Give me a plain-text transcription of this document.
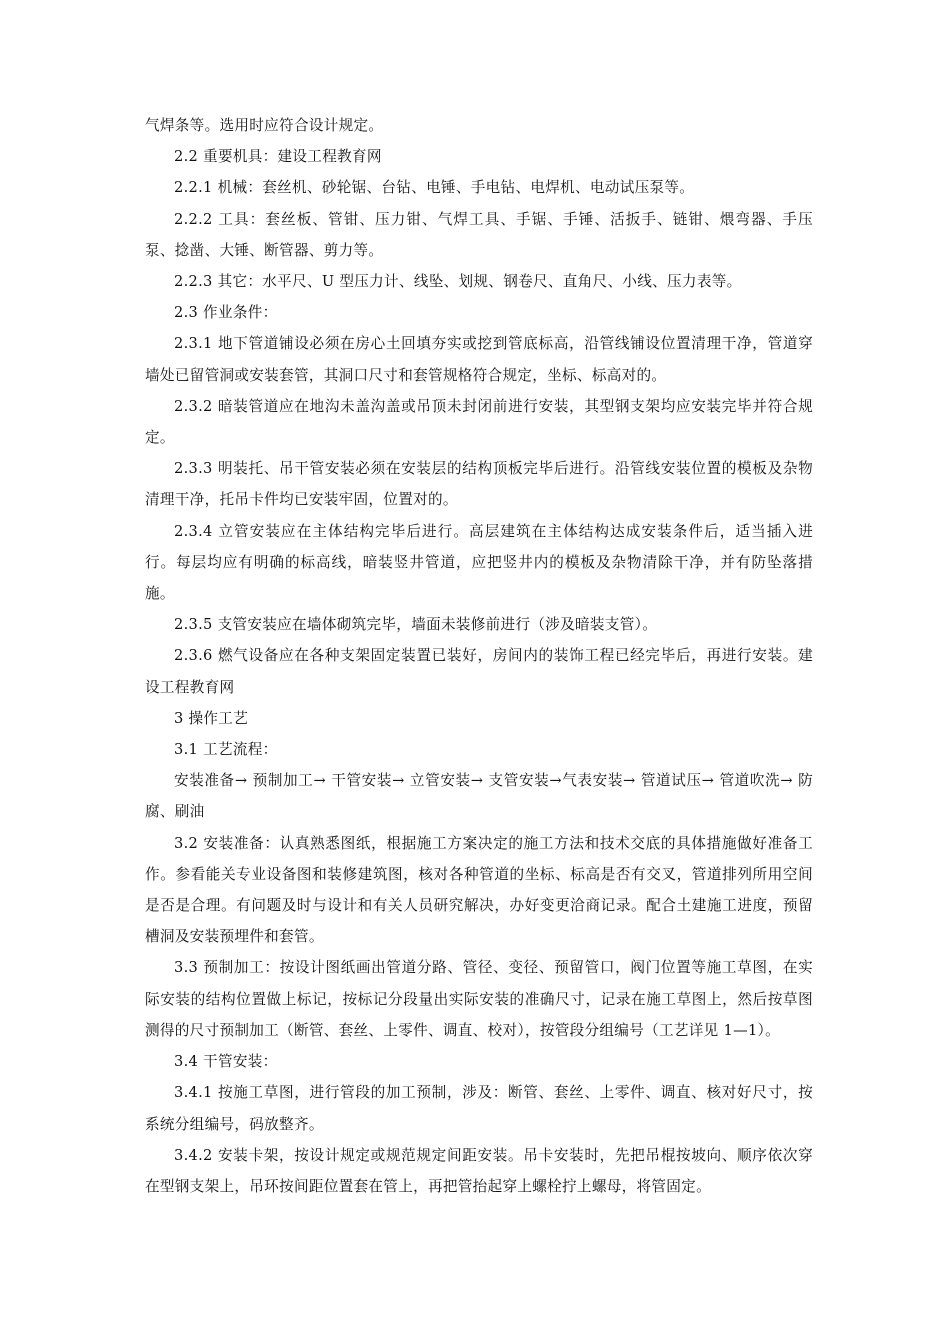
气焊条等。选用时应符合设计规定。

2.2 重要机具：建设工程教育网

2.2.1 机械：套丝机、砂轮锯、台钻、电锤、手电钻、电焊机、电动试压泵等。

2.2.2 工具：套丝板、管钳、压力钳、气焊工具、手锯、手锤、活扳手、链钳、煨弯器、手压泵、捻凿、大锤、断管器、剪力等。

2.2.3 其它：水平尺、U 型压力计、线坠、划规、钢卷尺、直角尺、小线、压力表等。

2.3 作业条件：

2.3.1 地下管道铺设必须在房心土回填夯实或挖到管底标高，沿管线铺设位置清理干净，管道穿墙处已留管洞或安装套管，其洞口尺寸和套管规格符合规定，坐标、标高对的。

2.3.2 暗装管道应在地沟未盖沟盖或吊顶未封闭前进行安装，其型钢支架均应安装完毕并符合规定。

2.3.3 明装托、吊干管安装必须在安装层的结构顶板完毕后进行。沿管线安装位置的模板及杂物清理干净，托吊卡件均已安装牢固，位置对的。

2.3.4 立管安装应在主体结构完毕后进行。高层建筑在主体结构达成安装条件后，适当插入进行。每层均应有明确的标高线，暗装竖井管道，应把竖井内的模板及杂物清除干净，并有防坠落措施。

2.3.5 支管安装应在墙体砌筑完毕，墙面未装修前进行（涉及暗装支管）。

2.3.6 燃气设备应在各种支架固定装置已装好，房间内的装饰工程已经完毕后，再进行安装。建设工程教育网

3 操作工艺

3.1 工艺流程：

安装准备→ 预制加工→ 干管安装→ 立管安装→ 支管安装→气表安装→ 管道试压→ 管道吹洗→ 防腐、刷油

3.2 安装准备：认真熟悉图纸，根据施工方案决定的施工方法和技术交底的具体措施做好准备工作。参看能关专业设备图和装修建筑图，核对各种管道的坐标、标高是否有交叉，管道排列所用空间是否是合理。有问题及时与设计和有关人员研究解决，办好变更洽商记录。配合土建施工进度，预留槽洞及安装预埋件和套管。

3.3 预制加工：按设计图纸画出管道分路、管径、变径、预留管口，阀门位置等施工草图，在实际安装的结构位置做上标记，按标记分段量出实际安装的准确尺寸，记录在施工草图上，然后按草图测得的尺寸预制加工（断管、套丝、上零件、调直、校对），按管段分组编号（工艺详见 1—1）。

3.4 干管安装：

3.4.1 按施工草图，进行管段的加工预制，涉及：断管、套丝、上零件、调直、核对好尺寸，按系统分组编号，码放整齐。

3.4.2 安装卡架，按设计规定或规范规定间距安装。吊卡安装时，先把吊棍按坡向、顺序依次穿在型钢支架上，吊环按间距位置套在管上，再把管抬起穿上螺栓拧上螺母，将管固定。
